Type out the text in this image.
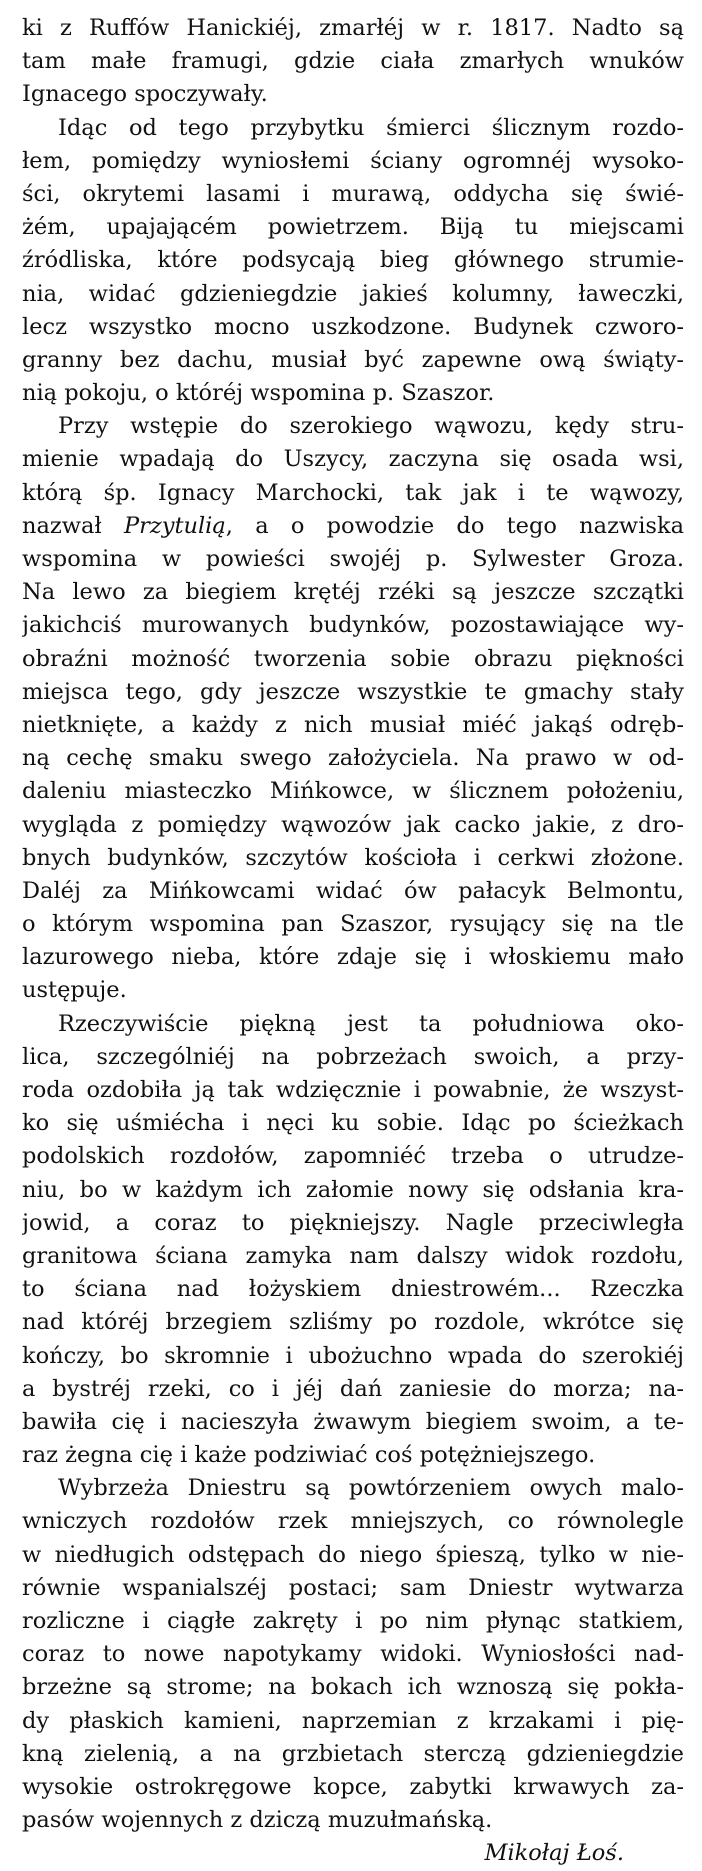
ki z Ruffów Hanickiéj, zmarłéj w r. 1817. Nadto są
tam małe framugi, gdzie ciała zmarłych wnuków
Ignacego spoczywały.
Idąc od tego przybytku śmierci ślicznym rozdo-
łem, pomiędzy wyniosłemi ściany ogromnéj wysoko-
ści, okrytemi lasami i murawą, oddycha się świé-
żém, upajającém powietrzem. Biją tu miejscami
źródliska, które podsycają bieg głównego strumie-
nia, widać gdzieniegdzie jakieś kolumny, ławeczki,
lecz wszystko mocno uszkodzone. Budynek czworo-
granny bez dachu, musiał być zapewne ową świąty-
nią pokoju, o któréj wspomina p. Szaszor.
Przy wstępie do szerokiego wąwozu, kędy stru-
mienie wpadają do Uszycy, zaczyna się osada wsi,
którą śp. Ignacy Marchocki, tak jak i te wąwozy,
nazwał Przytulią, a o powodzie do tego nazwiska
wspomina w powieści swojéj p. Sylwester Groza.
Na lewo za biegiem krętéj rzéki są jeszcze szczątki
jakichciś murowanych budynków, pozostawiające wy-
obraźni możność tworzenia sobie obrazu piękności
miejsca tego, gdy jeszcze wszystkie te gmachy stały
nietknięte, a każdy z nich musiał miéć jakąś odręb-
ną cechę smaku swego założyciela. Na prawo w od-
daleniu miasteczko Mińkowce, w ślicznem położeniu,
wygląda z pomiędzy wąwozów jak cacko jakie, z dro-
bnych budynków, szczytów kościoła i cerkwi złożone.
Daléj za Mińkowcami widać ów pałacyk Belmontu,
o którym wspomina pan Szaszor, rysujący się na tle
lazurowego nieba, które zdaje się i włoskiemu mało
ustępuje.
Rzeczywiście piękną jest ta południowa oko-
lica, szczególniéj na pobrzeżach swoich, a przy-
roda ozdobiła ją tak wdzięcznie i powabnie, że wszyst-
ko się uśmiécha i nęci ku sobie. Idąc po ścieżkach
podolskich rozdołów, zapomniéć trzeba o utrudze-
niu, bo w każdym ich załomie nowy się odsłania kra-
jowid, a coraz to piękniejszy. Nagle przeciwległa
granitowa ściana zamyka nam dalszy widok rozdołu,
to ściana nad łożyskiem dniestrowém... Rzeczka
nad któréj brzegiem szliśmy po rozdole, wkrótce się
kończy, bo skromnie i ubożuchno wpada do szerokiéj
a bystréj rzeki, co i jéj dań zaniesie do morza; na-
bawiła cię i nacieszyła żwawym biegiem swoim, a te-
raz żegna cię i każe podziwiać coś potężniejszego.
Wybrzeża Dniestru są powtórzeniem owych malo-
wniczych rozdołów rzek mniejszych, co równolegle
w niedługich odstępach do niego śpieszą, tylko w nie-
równie wspanialszéj postaci; sam Dniestr wytwarza
rozliczne i ciągłe zakręty i po nim płynąc statkiem,
coraz to nowe napotykamy widoki. Wyniosłości nad-
brzeżne są strome; na bokach ich wznoszą się pokła-
dy płaskich kamieni, naprzemian z krzakami i pię-
kną zielenią, a na grzbietach sterczą gdzieniegdzie
wysokie ostrokręgowe kopce, zabytki krwawych za-
pasów wojennych z dziczą muzułmańską.
Mikołaj Łoś.
